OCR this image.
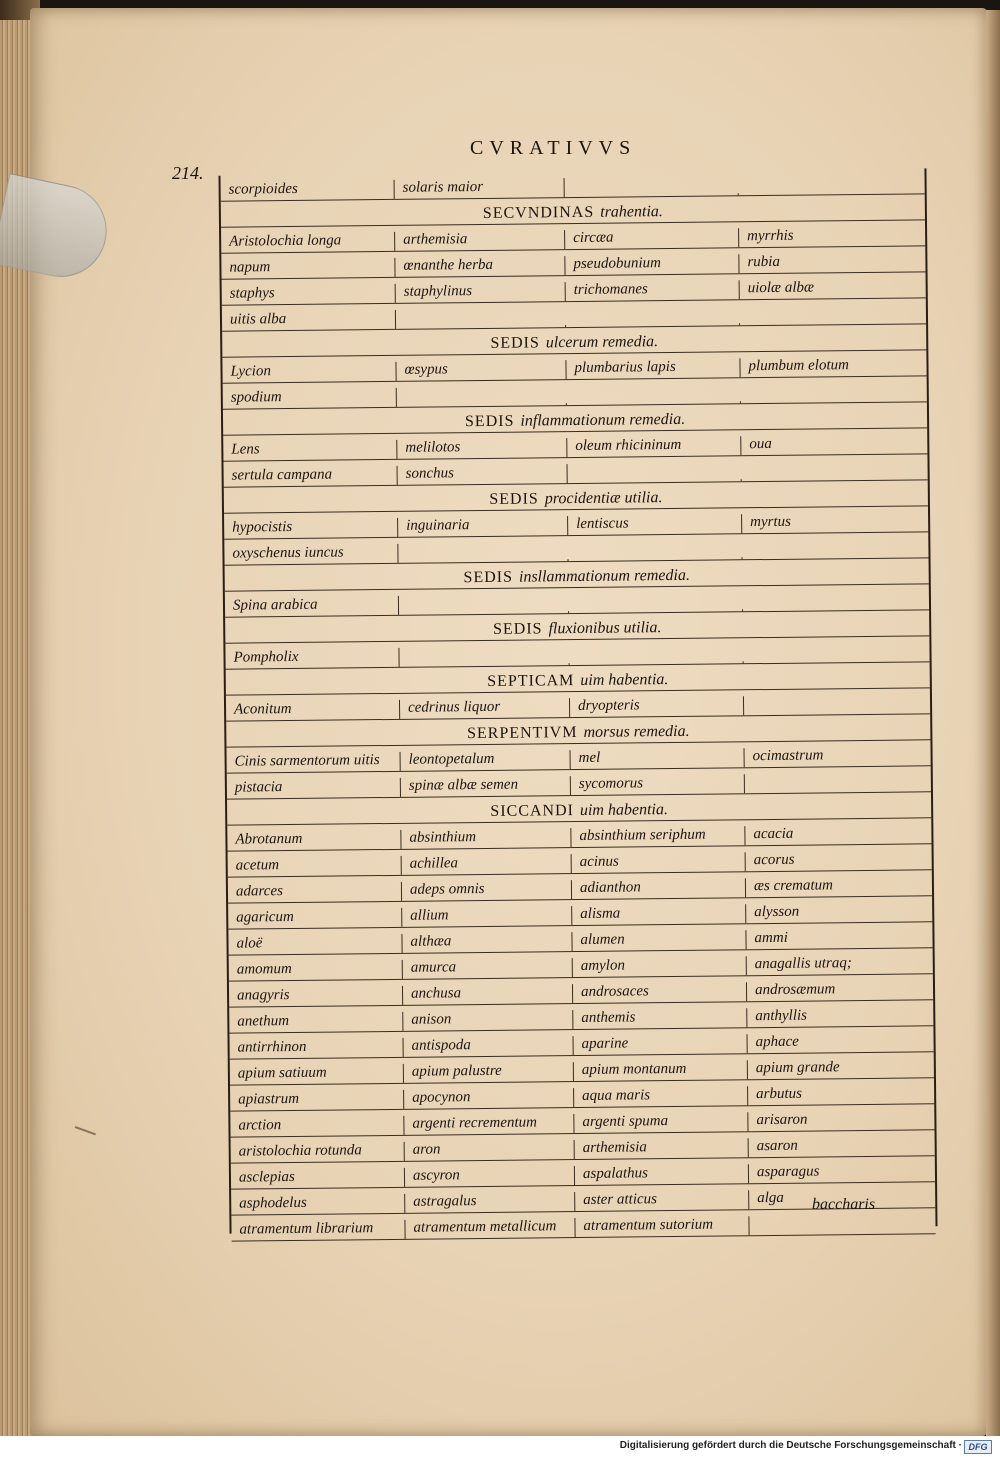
214.
CVRATIVVS
scorpioides	solaris maior
SECVNDINAS trahentia.
Aristolochia longa	arthemisia	circæa	myrrhis
napum	œnanthe herba	pseudobunium	rubia
staphys	staphylinus	trichomanes	uiolæ albæ
uitis alba
SEDIS ulcerum remedia.
Lycion	œsypus	plumbarius lapis	plumbum elotum
spodium
SEDIS inflammationum remedia.
Lens	melilotos	oleum rhicininum	oua
sertula campana	sonchus
SEDIS procidentiæ utilia.
hypocistis	inguinaria	lentiscus	myrtus
oxyschenus iuncus
SEDIS insllammationum remedia.
Spina arabica
SEDIS fluxionibus utilia.
Pompholix
SEPTICAM uim habentia.
Aconitum	cedrinus liquor	dryopteris
SERPENTIVM morsus remedia.
Cinis sarmentorum uitis	leontopetalum	mel	ocimastrum
pistacia	spinæ albæ semen	sycomorus
SICCANDI uim habentia.
Abrotanum	absinthium	absinthium seriphum	acacia
acetum	achillea	acinus	acorus
adarces	adeps omnis	adianthon	æs crematum
agaricum	allium	alisma	alysson
aloë	althæa	alumen	ammi
amomum	amurca	amylon	anagallis utraq;
anagyris	anchusa	androsaces	androsæmum
anethum	anison	anthemis	anthyllis
antirrhinon	antispoda	aparine	aphace
apium satiuum	apium palustre	apium montanum	apium grande
apiastrum	apocynon	aqua maris	arbutus
arction	argenti recrementum	argenti spuma	arisaron
aristolochia rotunda	aron	arthemisia	asaron
asclepias	ascyron	aspalathus	asparagus
asphodelus	astragalus	aster atticus	alga
atramentum librarium	atramentum metallicum	atramentum sutorium
baccharis
Digitalisierung gefördert durch die Deutsche Forschungsgemeinschaft · DFG
